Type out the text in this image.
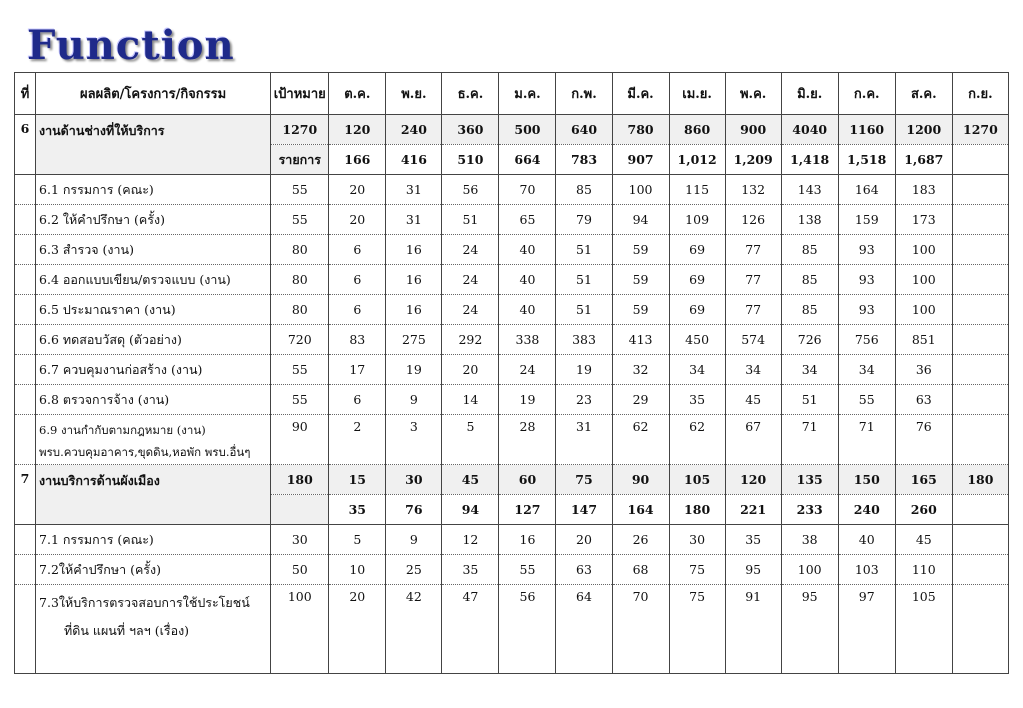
Function
ที่	ผลผลิต/โครงการ/กิจกรรม	เป้าหมาย	ต.ค.	พ.ย.	ธ.ค.	ม.ค.	ก.พ.	มี.ค.	เม.ย.	พ.ค.	มิ.ย.	ก.ค.	ส.ค.	ก.ย.
6	งานด้านช่างที่ให้บริการ	1270	120	240	360	500	640	780	860	900	4040	1160	1200	1270
		รายการ	166	416	510	664	783	907	1,012	1,209	1,418	1,518	1,687	
	6.1 กรรมการ (คณะ)	55	20	31	56	70	85	100	115	132	143	164	183	
	6.2 ให้คำปรึกษา (ครั้ง)	55	20	31	51	65	79	94	109	126	138	159	173	
	6.3 สำรวจ (งาน)	80	6	16	24	40	51	59	69	77	85	93	100	
	6.4 ออกแบบเขียน/ตรวจแบบ (งาน)	80	6	16	24	40	51	59	69	77	85	93	100	
	6.5 ประมาณราคา (งาน)	80	6	16	24	40	51	59	69	77	85	93	100	
	6.6 ทดสอบวัสดุ (ตัวอย่าง)	720	83	275	292	338	383	413	450	574	726	756	851	
	6.7 ควบคุมงานก่อสร้าง (งาน)	55	17	19	20	24	19	32	34	34	34	34	36	
	6.8 ตรวจการจ้าง (งาน)	55	6	9	14	19	23	29	35	45	51	55	63	

	6.9 งานกำกับตามกฎหมาย (งาน) พรบ.ควบคุมอาคาร,ขุดดิน,หอพัก พรบ.อื่นๆ	90	2	3	5	28	31	62	62	67	71	71	76	
7	งานบริการด้านผังเมือง	180	15	30	45	60	75	90	105	120	135	150	165	180
			35	76	94	127	147	164	180	221	233	240	260	
	7.1 กรรมการ (คณะ)	30	5	9	12	16	20	26	30	35	38	40	45	
	7.2ให้คำปรึกษา (ครั้ง)	50	10	25	35	55	63	68	75	95	100	103	110	

	7.3ให้บริการตรวจสอบการใช้ประโยชน์ที่ดิน แผนที่ ฯลฯ (เรื่อง)	100	20	42	47	56	64	70	75	91	95	97	105	
